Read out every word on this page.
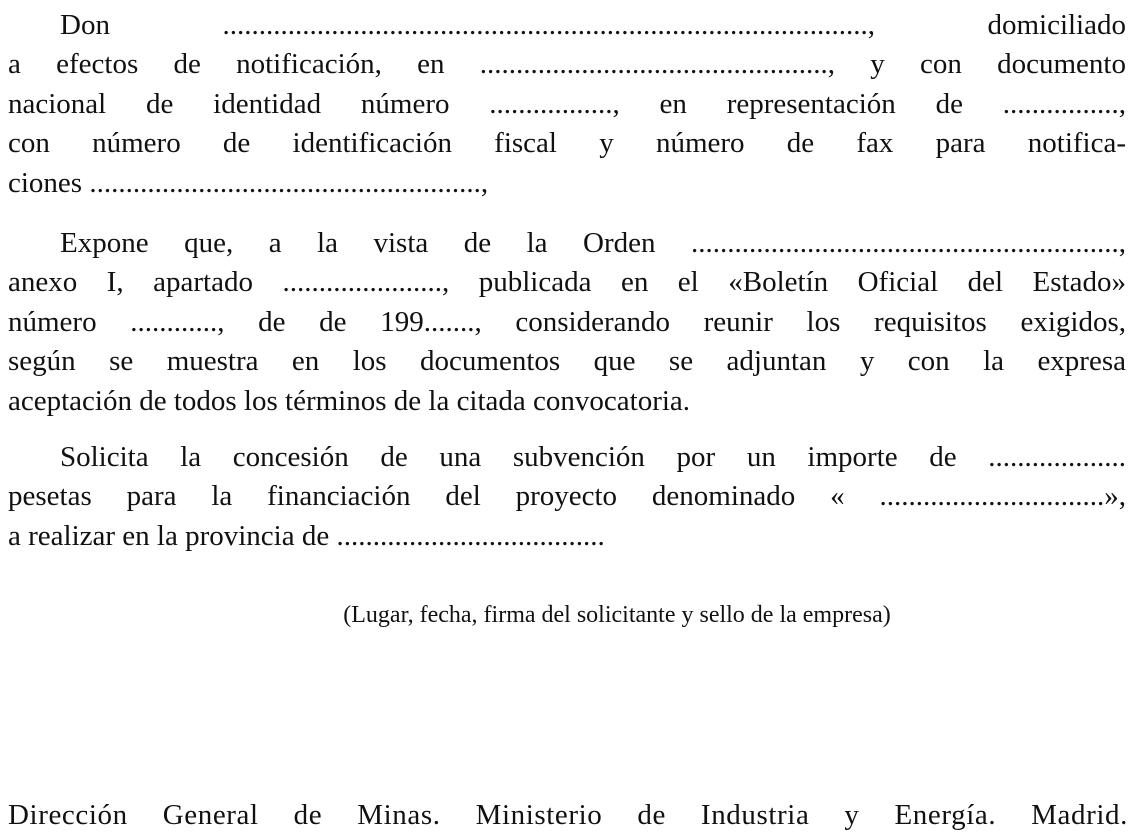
Don ........................................................................................., domiciliado
a efectos de notificación, en ................................................, y con documento
nacional de identidad número ................., en representación de ................,
con número de identificación fiscal y número de fax para notifica-
ciones ......................................................,
Expone que, a la vista de la Orden ...........................................................,
anexo I, apartado ......................, publicada en el «Boletín Oficial del Estado»
número ............, de de 199......., considerando reunir los requisitos exigidos,
según se muestra en los documentos que se adjuntan y con la expresa
aceptación de todos los términos de la citada convocatoria.
Solicita la concesión de una subvención por un importe de ...................
pesetas para la financiación del proyecto denominado « ...............................»,
a realizar en la provincia de .....................................

(Lugar, fecha, firma del solicitante y sello de la empresa)

Dirección General de Minas. Ministerio de Industria y Energía. Madrid.
